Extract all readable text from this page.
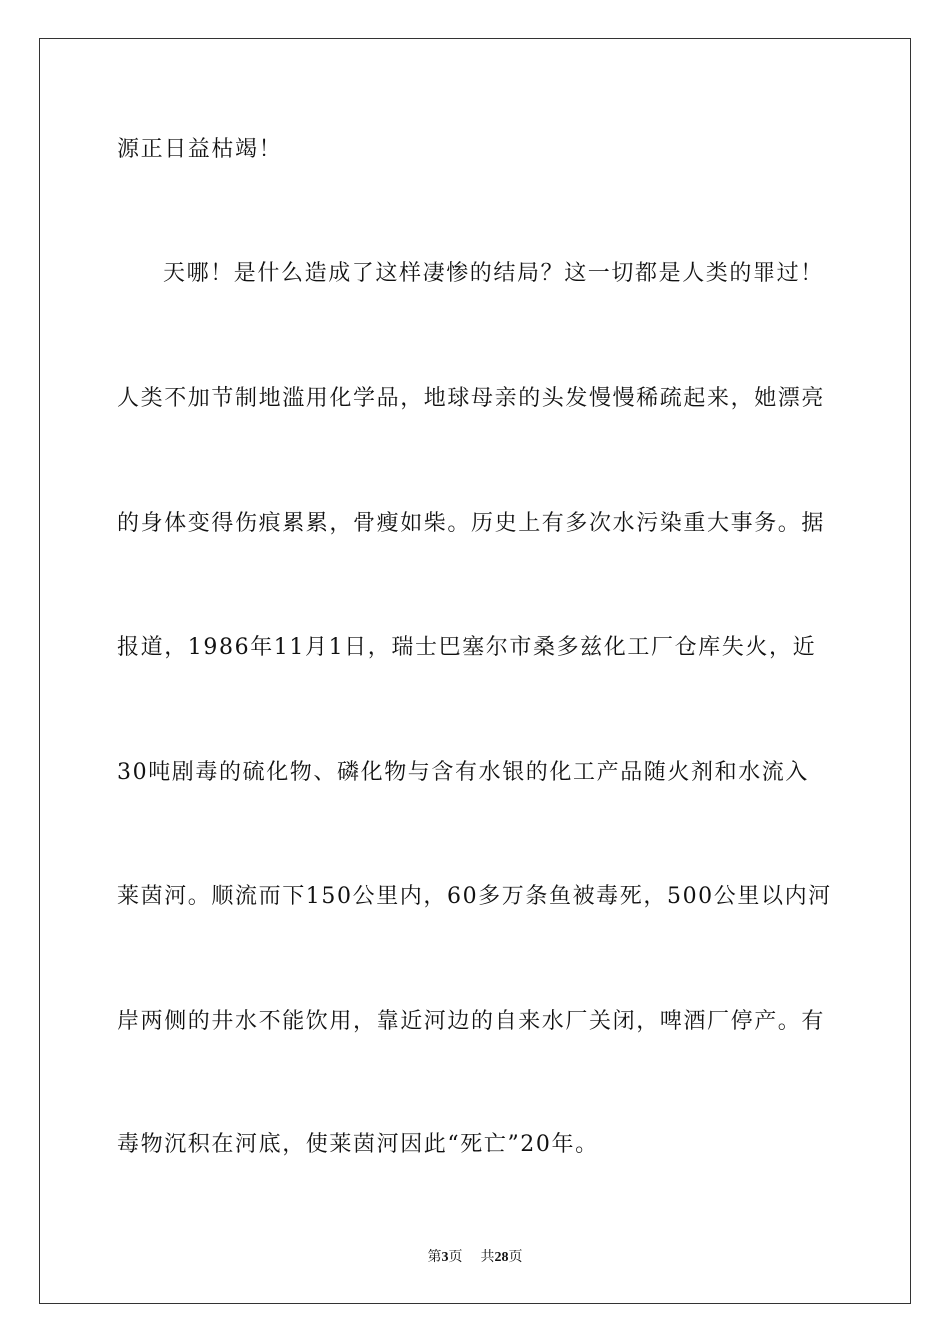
源正日益枯竭！
天哪！是什么造成了这样凄惨的结局？这一切都是人类的罪过！
人类不加节制地滥用化学品，地球母亲的头发慢慢稀疏起来，她漂亮
的身体变得伤痕累累，骨瘦如柴。历史上有多次水污染重大事务。据
报道，1986年11月1日，瑞士巴塞尔市桑多兹化工厂仓库失火，近
30吨剧毒的硫化物、磷化物与含有水银的化工产品随火剂和水流入
莱茵河。顺流而下150公里内，60多万条鱼被毒死，500公里以内河
岸两侧的井水不能饮用，靠近河边的自来水厂关闭，啤酒厂停产。有
毒物沉积在河底，使莱茵河因此“死亡”20年。
第3页 共28页
